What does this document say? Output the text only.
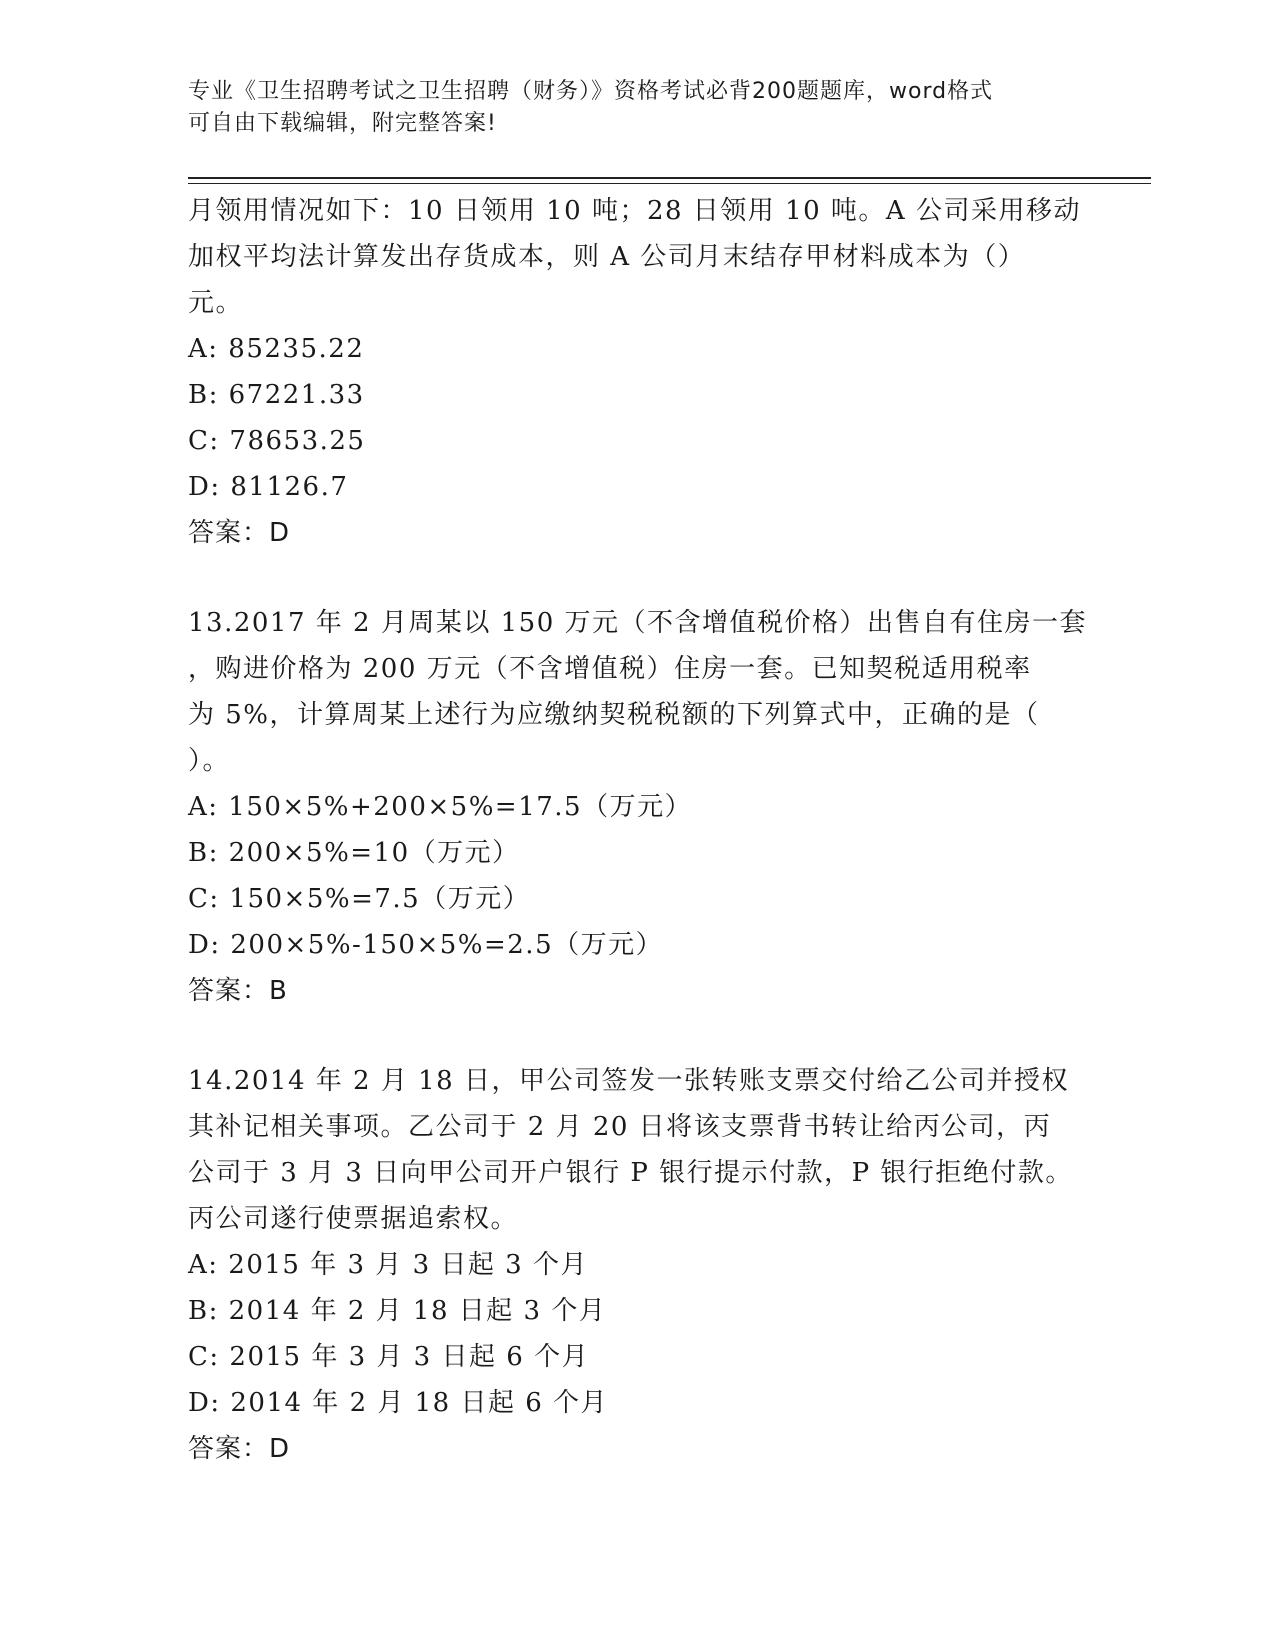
专业《卫生招聘考试之卫生招聘（财务）》资格考试必背200题题库，word格式
可自由下载编辑，附完整答案!
月领用情况如下：10 日领用 10 吨；28 日领用 10 吨。A 公司采用移动
加权平均法计算发出存货成本，则 A 公司月末结存甲材料成本为（）
元。
A: 85235.22
B: 67221.33
C: 78653.25
D: 81126.7
答案：D
13.2017 年 2 月周某以 150 万元（不含增值税价格）出售自有住房一套
，购进价格为 200 万元（不含增值税）住房一套。已知契税适用税率
为 5%，计算周某上述行为应缴纳契税税额的下列算式中，正确的是（
）。
A: 150×5%+200×5%=17.5（万元）
B: 200×5%=10（万元）
C: 150×5%=7.5（万元）
D: 200×5%-150×5%=2.5（万元）
答案：B
14.2014 年 2 月 18 日，甲公司签发一张转账支票交付给乙公司并授权
其补记相关事项。乙公司于 2 月 20 日将该支票背书转让给丙公司，丙
公司于 3 月 3 日向甲公司开户银行 P 银行提示付款，P 银行拒绝付款。
丙公司遂行使票据追索权。
A: 2015 年 3 月 3 日起 3 个月
B: 2014 年 2 月 18 日起 3 个月
C: 2015 年 3 月 3 日起 6 个月
D: 2014 年 2 月 18 日起 6 个月
答案：D
